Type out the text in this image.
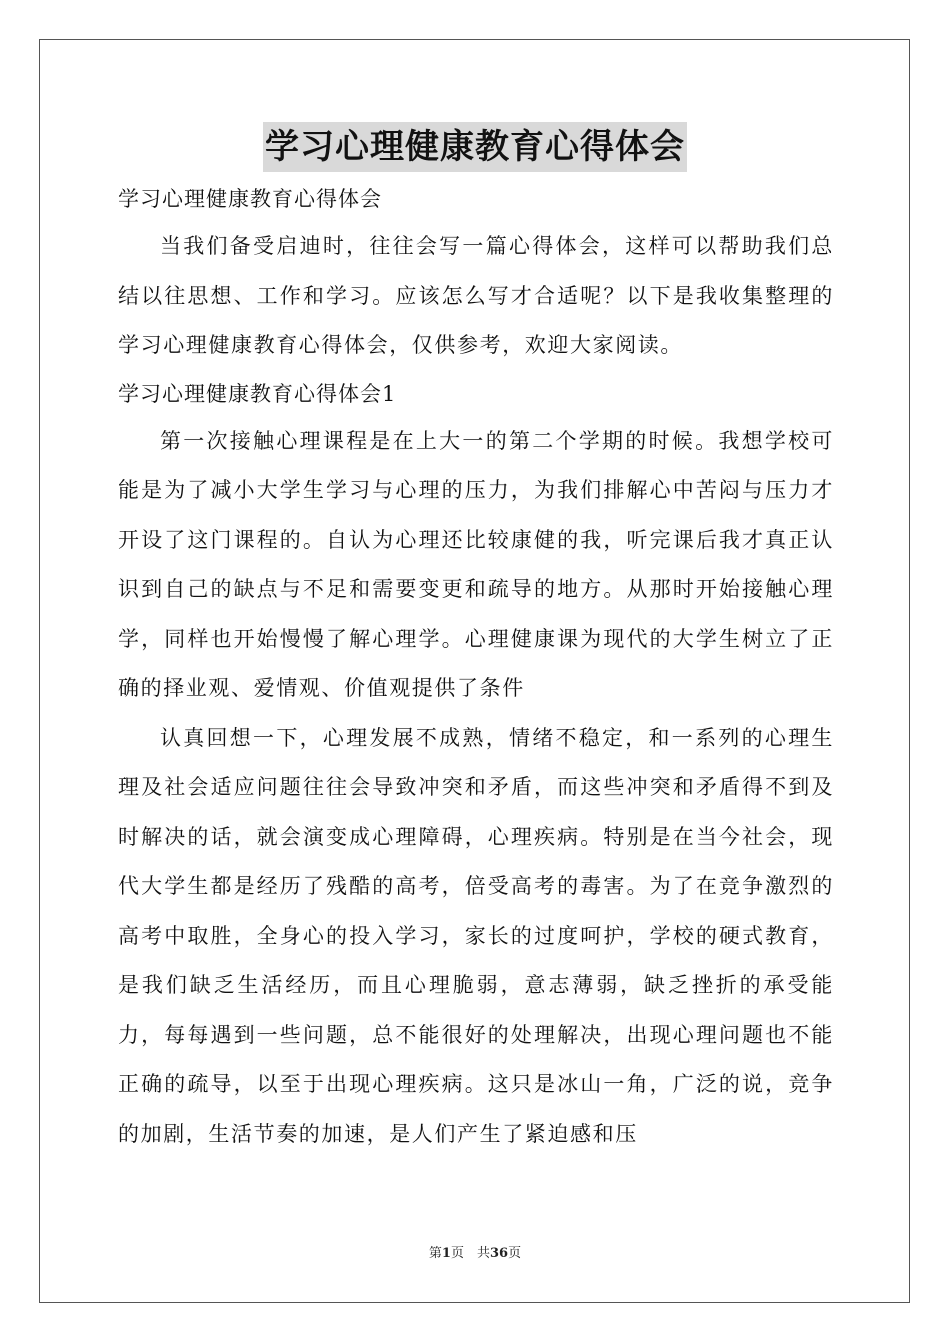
学习心理健康教育心得体会
学习心理健康教育心得体会

当我们备受启迪时，往往会写一篇心得体会，这样可以帮助我们总结以往思想、工作和学习。应该怎么写才合适呢？以下是我收集整理的学习心理健康教育心得体会，仅供参考，欢迎大家阅读。

学习心理健康教育心得体会1

第一次接触心理课程是在上大一的第二个学期的时候。我想学校可能是为了减小大学生学习与心理的压力，为我们排解心中苦闷与压力才开设了这门课程的。自认为心理还比较康健的我，听完课后我才真正认识到自己的缺点与不足和需要变更和疏导的地方。从那时开始接触心理学，同样也开始慢慢了解心理学。心理健康课为现代的大学生树立了正确的择业观、爱情观、价值观提供了条件

认真回想一下，心理发展不成熟，情绪不稳定，和一系列的心理生理及社会适应问题往往会导致冲突和矛盾，而这些冲突和矛盾得不到及时解决的话，就会演变成心理障碍，心理疾病。特别是在当今社会，现代大学生都是经历了残酷的高考，倍受高考的毒害。为了在竞争激烈的高考中取胜，全身心的投入学习，家长的过度呵护，学校的硬式教育，是我们缺乏生活经历，而且心理脆弱，意志薄弱，缺乏挫折的承受能力，每每遇到一些问题，总不能很好的处理解决，出现心理问题也不能正确的疏导，以至于出现心理疾病。这只是冰山一角，广泛的说，竞争的加剧，生活节奏的加速，是人们产生了紧迫感和压

第1页　共36页
